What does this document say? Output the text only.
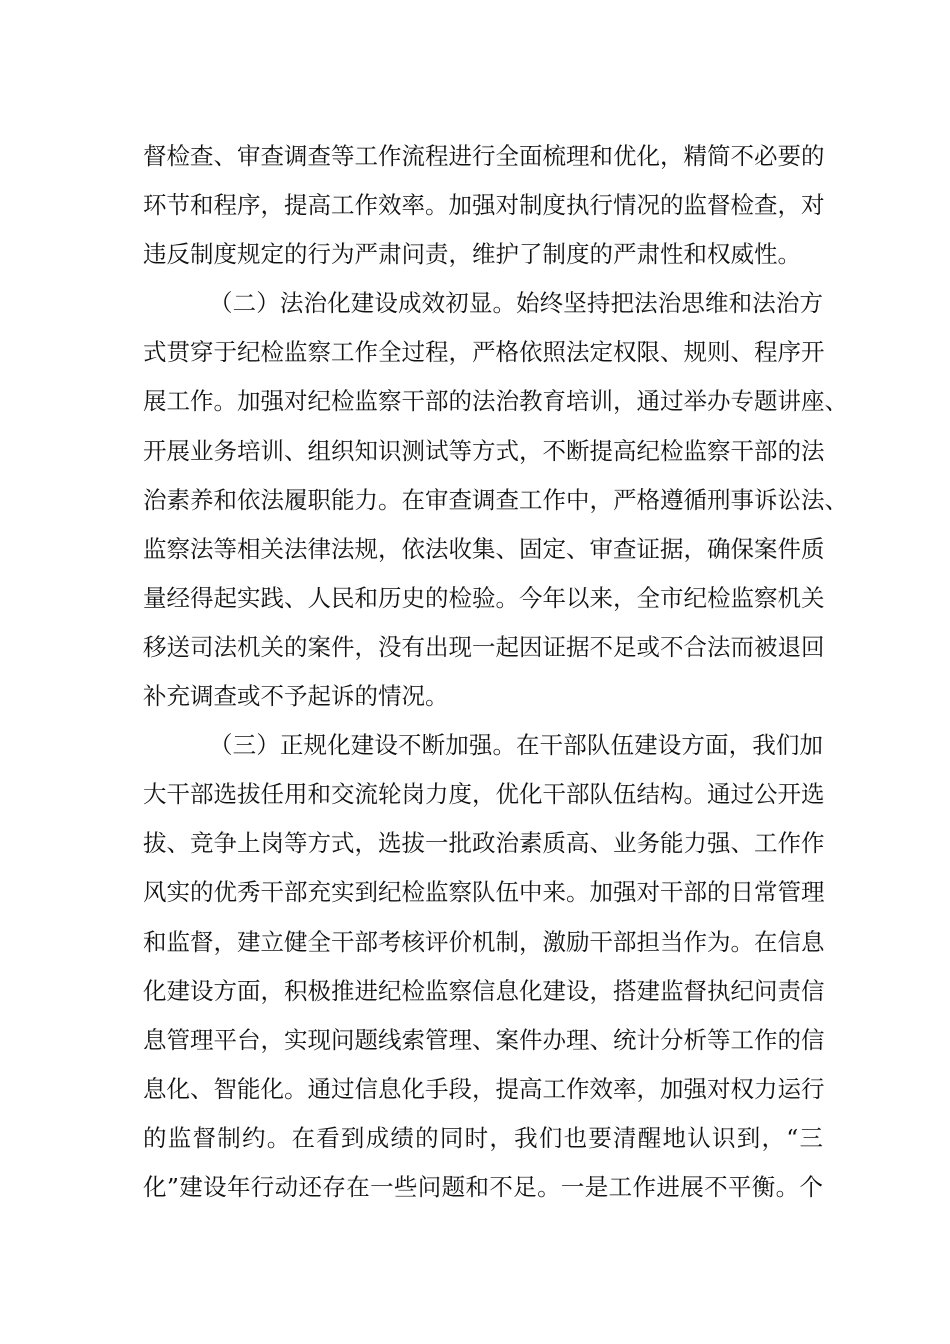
督检查、审查调查等工作流程进行全面梳理和优化，精简不必要的
环节和程序，提高工作效率。加强对制度执行情况的监督检查，对
违反制度规定的行为严肃问责，维护了制度的严肃性和权威性。
（二）法治化建设成效初显。始终坚持把法治思维和法治方
式贯穿于纪检监察工作全过程，严格依照法定权限、规则、程序开
展工作。加强对纪检监察干部的法治教育培训，通过举办专题讲座、
开展业务培训、组织知识测试等方式，不断提高纪检监察干部的法
治素养和依法履职能力。在审查调查工作中，严格遵循刑事诉讼法、
监察法等相关法律法规，依法收集、固定、审查证据，确保案件质
量经得起实践、人民和历史的检验。今年以来，全市纪检监察机关
移送司法机关的案件，没有出现一起因证据不足或不合法而被退回
补充调查或不予起诉的情况。
（三）正规化建设不断加强。在干部队伍建设方面，我们加
大干部选拔任用和交流轮岗力度，优化干部队伍结构。通过公开选
拔、竞争上岗等方式，选拔一批政治素质高、业务能力强、工作作
风实的优秀干部充实到纪检监察队伍中来。加强对干部的日常管理
和监督，建立健全干部考核评价机制，激励干部担当作为。在信息
化建设方面，积极推进纪检监察信息化建设，搭建监督执纪问责信
息管理平台，实现问题线索管理、案件办理、统计分析等工作的信
息化、智能化。通过信息化手段，提高工作效率，加强对权力运行
的监督制约。在看到成绩的同时，我们也要清醒地认识到，“三
化”建设年行动还存在一些问题和不足。一是工作进展不平衡。个
